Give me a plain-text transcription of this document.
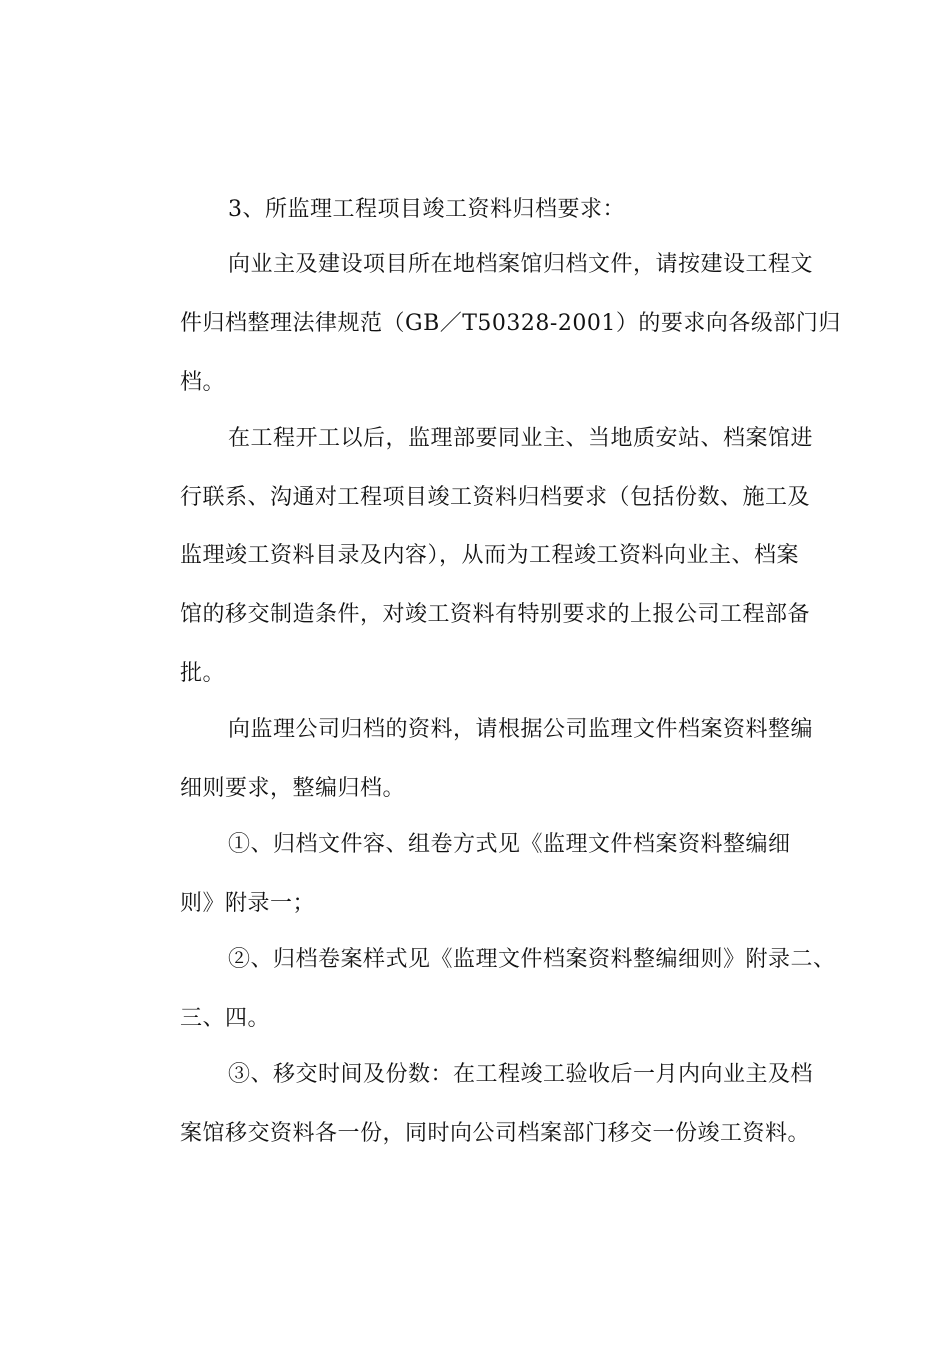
3、所监理工程项目竣工资料归档要求：
向业主及建设项目所在地档案馆归档文件，请按建设工程文
件归档整理法律规范（GB／T50328-2001）的要求向各级部门归
档。
在工程开工以后，监理部要同业主、当地质安站、档案馆进
行联系、沟通对工程项目竣工资料归档要求（包括份数、施工及
监理竣工资料目录及内容），从而为工程竣工资料向业主、档案
馆的移交制造条件，对竣工资料有特别要求的上报公司工程部备
批。
向监理公司归档的资料，请根据公司监理文件档案资料整编
细则要求，整编归档。
①、归档文件容、组卷方式见《监理文件档案资料整编细
则》附录一；
②、归档卷案样式见《监理文件档案资料整编细则》附录二、
三、四。
③、移交时间及份数：在工程竣工验收后一月内向业主及档
案馆移交资料各一份，同时向公司档案部门移交一份竣工资料。
